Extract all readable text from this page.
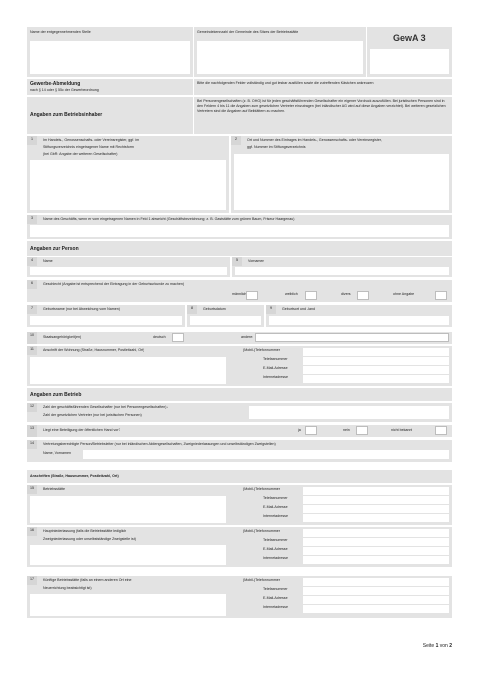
Name der entgegennehmenden Stelle	Gemeindekennzahl der Gemeinde des Sitzes der Betriebsstätte
GewA 3
Gewerbe-Abmeldung
nach § 14 oder § 55c der Gewerbeordnung
Bitte die nachfolgenden Felder vollständig und gut lesbar ausfüllen sowie die zutreffenden Kästchen ankreuzen
Angaben zum Betriebsinhaber
Bei Personengesellschaften (z. B. OHG) ist für jeden geschäftsführenden Gesellschafter ein eigener Vordruck auszufüllen. Bei juristischen Personen sind in den Feldern 4 bis 11 die Angaben zum gesetzlichen Vertreter einzutragen (bei inländischer AG wird auf diese Angaben verzichtet). Bei weiteren gesetzlichen Vertretern sind die Angaben auf Beiblättern zu machen.
1	Im Handels-, Genossenschafts- oder Vereinsregister, ggf. im
Stiftungsverzeichnis eingetragener Name mit Rechtsform
(bei GbR: Angabe der weiteren Gesellschafter)
2	Ort und Nummer des Eintrages im Handels-, Genossenschafts- oder Vereinsregister,
ggf. Nummer im Stiftungsverzeichnis
3	Name des Geschäfts, wenn er vom eingetragenen Namen in Feld 1 abweicht (Geschäftsbezeichnung; z. B. Gaststätte zum grünen Baum, Friseur Haargenau)
Angaben zur Person
4	Name	5	Vornamen
6	Geschlecht (Angabe ist entsprechend der Eintragung in der Geburtsurkunde zu machen)
männlich	weiblich	divers	ohne Angabe
7	Geburtsname (nur bei Abweichung vom Namen)	8	Geburtsdatum	9	Geburtsort und -land
10	Staatsangehörigkeit(en)	deutsch	andere:
11	Anschrift der Wohnung (Straße, Hausnummer, Postleitzahl, Ort)	(Mobil-)Telefonnummer
Telefaxnummer
E-Mail-Adresse
Internetadresse
Angaben zum Betrieb
12	Zahl der geschäftsführenden Gesellschafter (nur bei Personengesellschaften) /
Zahl der gesetzlichen Vertreter (nur bei juristischen Personen)
13	Liegt eine Beteiligung der öffentlichen Hand vor?	ja	nein	nicht bekannt
14	Vertretungsberechtigte Person/Betriebsleiter (nur bei inländischen Aktiengesellschaften, Zweigniederlassungen und unselbständigen Zweigstellen)
Name, Vornamen
Anschriften (Straße, Hausnummer, Postleitzahl, Ort)
15	Betriebsstätte	(Mobil-)Telefonnummer
Telefaxnummer
E-Mail-Adresse
Internetadresse
16	Hauptniederlassung (falls die Betriebsstätte lediglich
Zweigniederlassung oder unselbstständige Zweigstelle ist)
(Mobil-)Telefonnummer
Telefaxnummer
E-Mail-Adresse
Internetadresse
17	Künftige Betriebsstätte (falls an einem anderen Ort eine
Neuerrichtung beabsichtigt ist)
(Mobil-)Telefonnummer
Telefaxnummer
E-Mail-Adresse
Internetadresse
Seite 1 von 2
